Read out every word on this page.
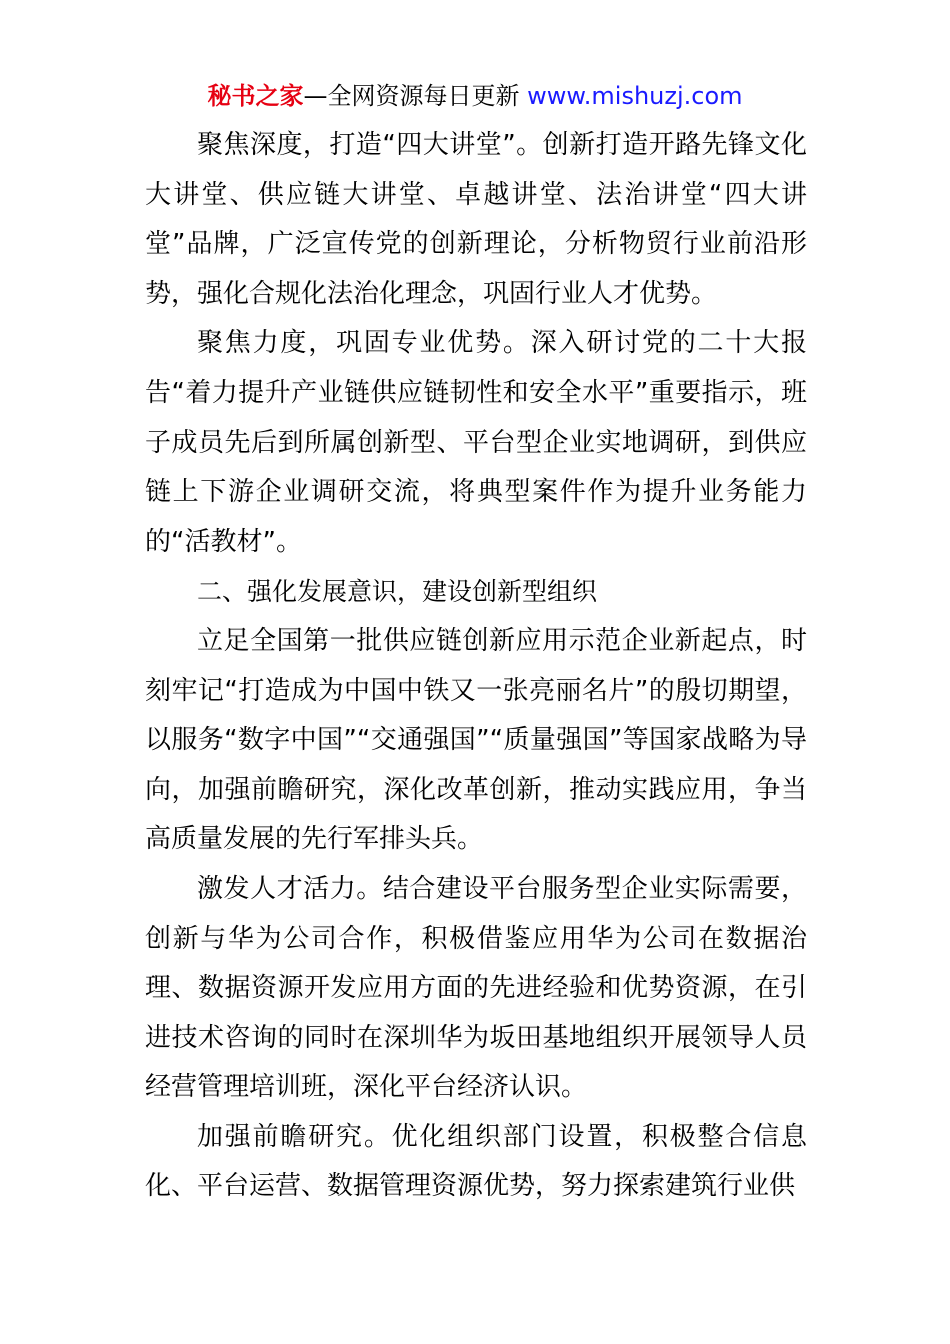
秘书之家—全网资源每日更新 www.mishuzj.com

聚焦深度，打造“四大讲堂”。创新打造开路先锋文化大讲堂、供应链大讲堂、卓越讲堂、法治讲堂“四大讲堂”品牌，广泛宣传党的创新理论，分析物贸行业前沿形势，强化合规化法治化理念，巩固行业人才优势。

聚焦力度，巩固专业优势。深入研讨党的二十大报告“着力提升产业链供应链韧性和安全水平”重要指示，班子成员先后到所属创新型、平台型企业实地调研，到供应链上下游企业调研交流，将典型案件作为提升业务能力的“活教材”。

二、强化发展意识，建设创新型组织

立足全国第一批供应链创新应用示范企业新起点，时刻牢记“打造成为中国中铁又一张亮丽名片”的殷切期望，以服务“数字中国”“交通强国”“质量强国”等国家战略为导向，加强前瞻研究，深化改革创新，推动实践应用，争当高质量发展的先行军排头兵。

激发人才活力。结合建设平台服务型企业实际需要，创新与华为公司合作，积极借鉴应用华为公司在数据治理、数据资源开发应用方面的先进经验和优势资源，在引进技术咨询的同时在深圳华为坂田基地组织开展领导人员经营管理培训班，深化平台经济认识。

加强前瞻研究。优化组织部门设置，积极整合信息化、平台运营、数据管理资源优势，努力探索建筑行业供
